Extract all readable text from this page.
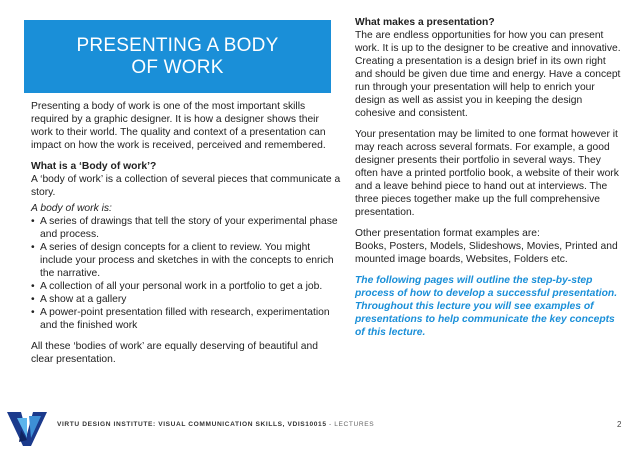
PRESENTING A BODY
OF WORK

Presenting a body of work is one of the most important skills required by a graphic designer. It is how a designer shows their work to their world. The quality and context of a presentation can impact on how the work is received, perceived and remembered.

What is a ‘Body of work’?

A ‘body of work’ is a collection of several pieces that communicate a story.

A body of work is:

• A series of drawings that tell the story of your experimental phase and process.
• A series of design concepts for a client to review. You might include your process and sketches in with the concepts to enrich the narrative.
• A collection of all your personal work in a portfolio to get a job.
• A show at a gallery
• A power-point presentation filled with research, experimentation and the finished work

All these ‘bodies of work’ are equally deserving of beautiful and clear presentation.

What makes a presentation?

The are endless opportunities for how you can present work. It is up to the designer to be creative and innovative. Creating a presentation is a design brief in its own right and should be given due time and energy. Have a concept run through your presentation will help to enrich your design as well as assist you in keeping the design cohesive and consistent.

Your presentation may be limited to one format however it may reach across several formats. For example, a good designer presents their portfolio in several ways. They often have a printed portfolio book, a website of their work and a leave behind piece to hand out at interviews. The three pieces together make up the full comprehensive presentation.

Other presentation format examples are:

Books, Posters, Models, Slideshows, Movies, Printed and mounted image boards, Websites, Folders etc.

The following pages will outline the step-by-step process of how to develop a successful presentation. Throughout this lecture you will see examples of presentations to help communicate the key concepts of this lecture.

VIRTU DESIGN INSTITUTE: VISUAL COMMUNICATION SKILLS, VDIS10015 - LECTURES	2
